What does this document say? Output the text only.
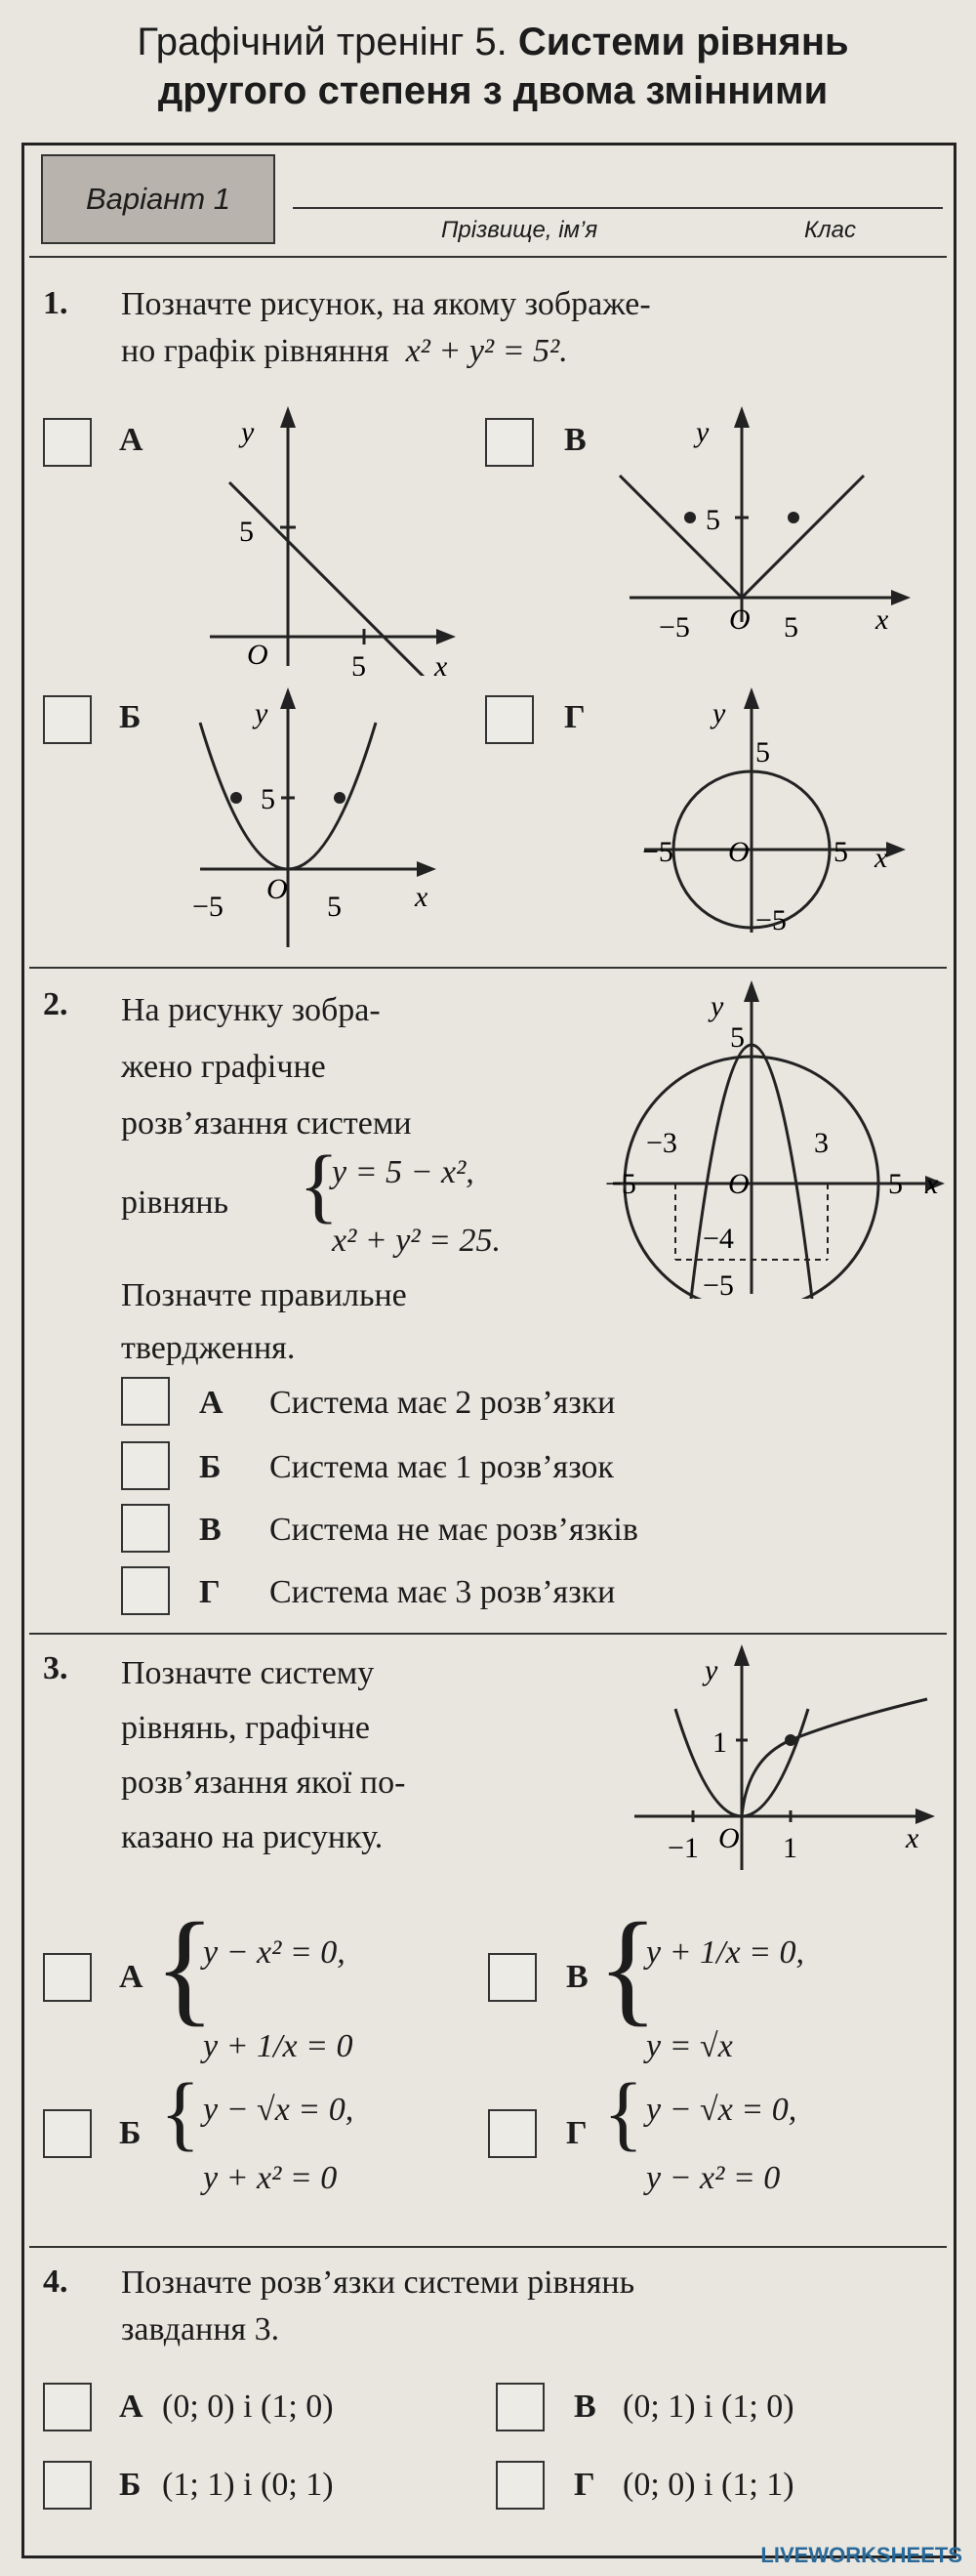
Графічний тренінг 5. Системи рівнянь
другого степеня з двома змінними
Варіант 1
Прізвище, ім’я	Клас
1. Позначте рисунок, на якому зображе-
но графік рівняння x² + y² = 5².
А	y
5
O	5 x
В	y
5
−5 O 5	x
Б	y
5
−5
O
5	x
Г	y
5
−5 O	5 x
−5
2. На рисунку зобра-
жено графічне
розв’язання системи
рівнянь {
y = 5 − x²,
x² + y² = 25.
Позначте правильне
твердження.
y
5
−3	3
−5	O	5 x
−4
−5
А Система має 2 розв’язки
Б Система має 1 розв’язок
В Система не має розв’язків
Г Система має 3 розв’язки
3. Позначте систему
рівнянь, графічне
розв’язання якої по-
казано на рисунку.
y
1
−1 O 1	x
А {
y − x² = 0,
y + 1/x = 0
В {
y + 1/x = 0,
y = √x
Б { y − √x = 0,
y + x² = 0
Г { y − √x = 0,
y − x² = 0
4. Позначте розв’язки системи рівнянь
завдання 3.
А (0; 0) і (1; 0)	В (0; 1) і (1; 0)
Б (1; 1) і (0; 1)	Г (0; 0) і (1; 1)
LIVEWORKSHEETS
